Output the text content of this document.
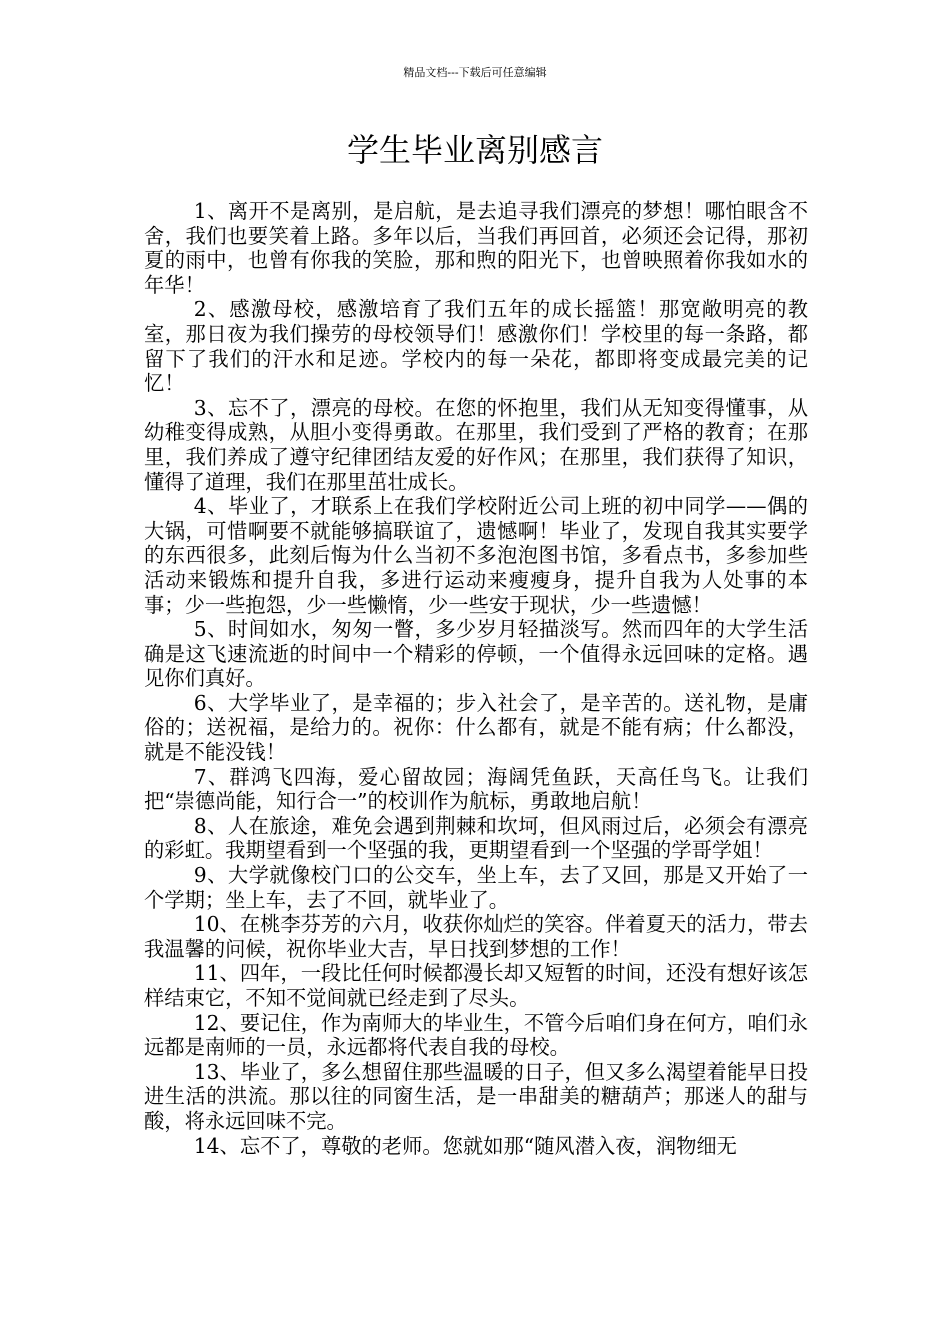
精品文档---下载后可任意编辑
学生毕业离别感言

1、离开不是离别，是启航，是去追寻我们漂亮的梦想！哪怕眼含不舍，我们也要笑着上路。多年以后，当我们再回首，必须还会记得，那初夏的雨中，也曾有你我的笑脸，那和煦的阳光下，也曾映照着你我如水的年华！

2、感激母校，感激培育了我们五年的成长摇篮！那宽敞明亮的教室，那日夜为我们操劳的母校领导们！感激你们！学校里的每一条路，都留下了我们的汗水和足迹。学校内的每一朵花，都即将变成最完美的记忆！

3、忘不了，漂亮的母校。在您的怀抱里，我们从无知变得懂事，从幼稚变得成熟，从胆小变得勇敢。在那里，我们受到了严格的教育；在那里，我们养成了遵守纪律团结友爱的好作风；在那里，我们获得了知识，懂得了道理，我们在那里茁壮成长。

4、毕业了，才联系上在我们学校附近公司上班的初中同学——偶的大锅，可惜啊要不就能够搞联谊了，遗憾啊！毕业了，发现自我其实要学的东西很多，此刻后悔为什么当初不多泡泡图书馆，多看点书，多参加些活动来锻炼和提升自我，多进行运动来瘦瘦身，提升自我为人处事的本事；少一些抱怨，少一些懒惰，少一些安于现状，少一些遗憾！

5、时间如水，匆匆一瞥，多少岁月轻描淡写。然而四年的大学生活确是这飞速流逝的时间中一个精彩的停顿，一个值得永远回味的定格。遇见你们真好。

6、大学毕业了，是幸福的；步入社会了，是辛苦的。送礼物，是庸俗的；送祝福，是给力的。祝你：什么都有，就是不能有病；什么都没，就是不能没钱！

7、群鸿飞四海，爱心留故园；海阔凭鱼跃，天高任鸟飞。让我们把“崇德尚能，知行合一”的校训作为航标，勇敢地启航！

8、人在旅途，难免会遇到荆棘和坎坷，但风雨过后，必须会有漂亮的彩虹。我期望看到一个坚强的我，更期望看到一个坚强的学哥学姐！

9、大学就像校门口的公交车，坐上车，去了又回，那是又开始了一个学期；坐上车，去了不回，就毕业了。

10、在桃李芬芳的六月，收获你灿烂的笑容。伴着夏天的活力，带去我温馨的问候，祝你毕业大吉，早日找到梦想的工作！

11、四年，一段比任何时候都漫长却又短暂的时间，还没有想好该怎样结束它，不知不觉间就已经走到了尽头。

12、要记住，作为南师大的毕业生，不管今后咱们身在何方，咱们永远都是南师的一员，永远都将代表自我的母校。

13、毕业了，多么想留住那些温暖的日子，但又多么渴望着能早日投进生活的洪流。那以往的同窗生活，是一串甜美的糖葫芦；那迷人的甜与酸，将永远回味不完。

14、忘不了，尊敬的老师。您就如那“随风潜入夜，润物细无
